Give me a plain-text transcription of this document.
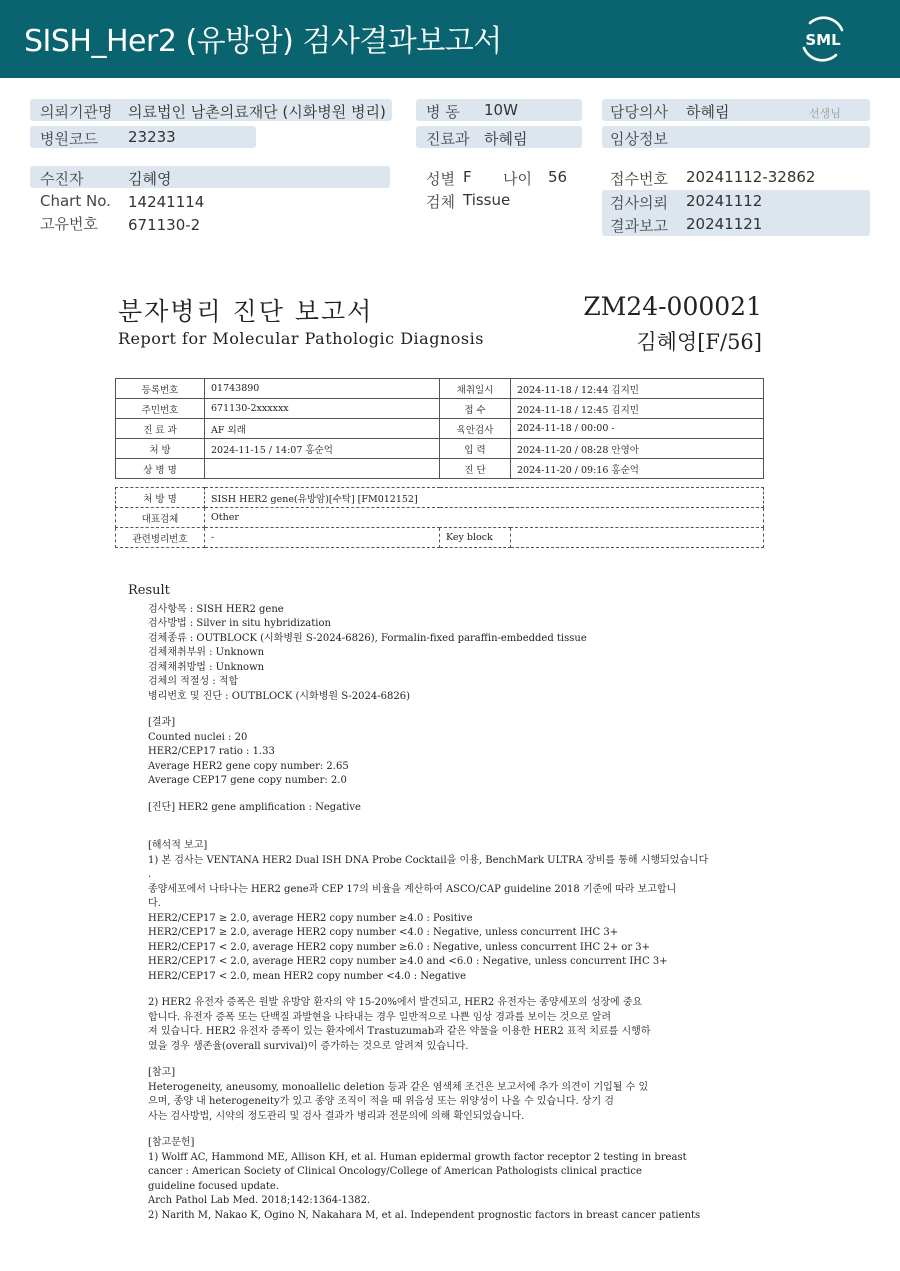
SISH_Her2 (유방암) 검사결과보고서	SML
의뢰기관명 의료법인 남촌의료재단 (시화병원 병리)
병원코드 23233
병 동 10W
진료과 하혜림
담당의사 하혜림	선생님
임상정보
수진자	김혜영
Chart No. 14241114
고유번호 671130-2
성별 F 나이 56
검체 Tissue
접수번호 20241112-32862
검사의뢰 20241112
결과보고 20241121
분자병리 진단 보고서
Report for Molecular Pathologic Diagnosis
ZM24-000021
김혜영[F/56]
등록번호	01743890	채취일시	2024-11-18 / 12:44 김지민
주민번호	671130-2xxxxxx	접 수	2024-11-18 / 12:45 김지민
진 료 과	AF 외래	육안검사	2024-11-18 / 00:00 -
처 방	2024-11-15 / 14:07 홍순억	입 력	2024-11-20 / 08:28 안영아
상 병 명		진 단	2024-11-20 / 09:16 홍순억
처 방 명	SISH HER2 gene(유방암)[수탁] [FM012152]		
대표검체	Other		
관련병리번호	-	Key block	
Result
검사항목 : SISH HER2 gene
검사방법 : Silver in situ hybridization
검체종류 : OUTBLOCK (시화병원 S-2024-6826), Formalin-fixed paraffin-embedded tissue
검체채취부위 : Unknown
검체채취방법 : Unknown
검체의 적절성 : 적합
병리번호 및 진단 : OUTBLOCK (시화병원 S-2024-6826)
[결과]
Counted nuclei : 20
HER2/CEP17 ratio : 1.33
Average HER2 gene copy number: 2.65
Average CEP17 gene copy number: 2.0
[진단] HER2 gene amplification : Negative
[해석적 보고]
1) 본 검사는 VENTANA HER2 Dual ISH DNA Probe Cocktail을 이용, BenchMark ULTRA 장비를 통해 시행되었습니다
.
종양세포에서 나타나는 HER2 gene과 CEP 17의 비율을 계산하여 ASCO/CAP guideline 2018 기준에 따라 보고합니
다.
HER2/CEP17 ≥ 2.0, average HER2 copy number ≥4.0 : Positive
HER2/CEP17 ≥ 2.0, average HER2 copy number <4.0 : Negative, unless concurrent IHC 3+
HER2/CEP17 < 2.0, average HER2 copy number ≥6.0 : Negative, unless concurrent IHC 2+ or 3+
HER2/CEP17 < 2.0, average HER2 copy number ≥4.0 and <6.0 : Negative, unless concurrent IHC 3+
HER2/CEP17 < 2.0, mean HER2 copy number <4.0 : Negative
2) HER2 유전자 증폭은 원발 유방암 환자의 약 15-20%에서 발견되고, HER2 유전자는 종양세포의 성장에 중요
합니다. 유전자 증폭 또는 단백질 과발현을 나타내는 경우 일반적으로 나쁜 임상 경과를 보이는 것으로 알려
져 있습니다. HER2 유전자 증폭이 있는 환자에서 Trastuzumab과 같은 약물을 이용한 HER2 표적 치료를 시행하
였을 경우 생존율(overall survival)이 증가하는 것으로 알려져 있습니다.
[참고]
Heterogeneity, aneusomy, monoallelic deletion 등과 같은 염색체 조건은 보고서에 추가 의견이 기입될 수 있
으며, 종양 내 heterogeneity가 있고 종양 조직이 적을 때 위음성 또는 위양성이 나올 수 있습니다. 상기 검
사는 검사방법, 시약의 정도관리 및 검사 결과가 병리과 전문의에 의해 확인되었습니다.
[참고문헌]
1) Wolff AC, Hammond ME, Allison KH, et al. Human epidermal growth factor receptor 2 testing in breast
cancer : American Society of Clinical Oncology/College of American Pathologists clinical practice
guideline focused update.
Arch Pathol Lab Med. 2018;142:1364-1382.
2) Narith M, Nakao K, Ogino N, Nakahara M, et al. Independent prognostic factors in breast cancer patients
